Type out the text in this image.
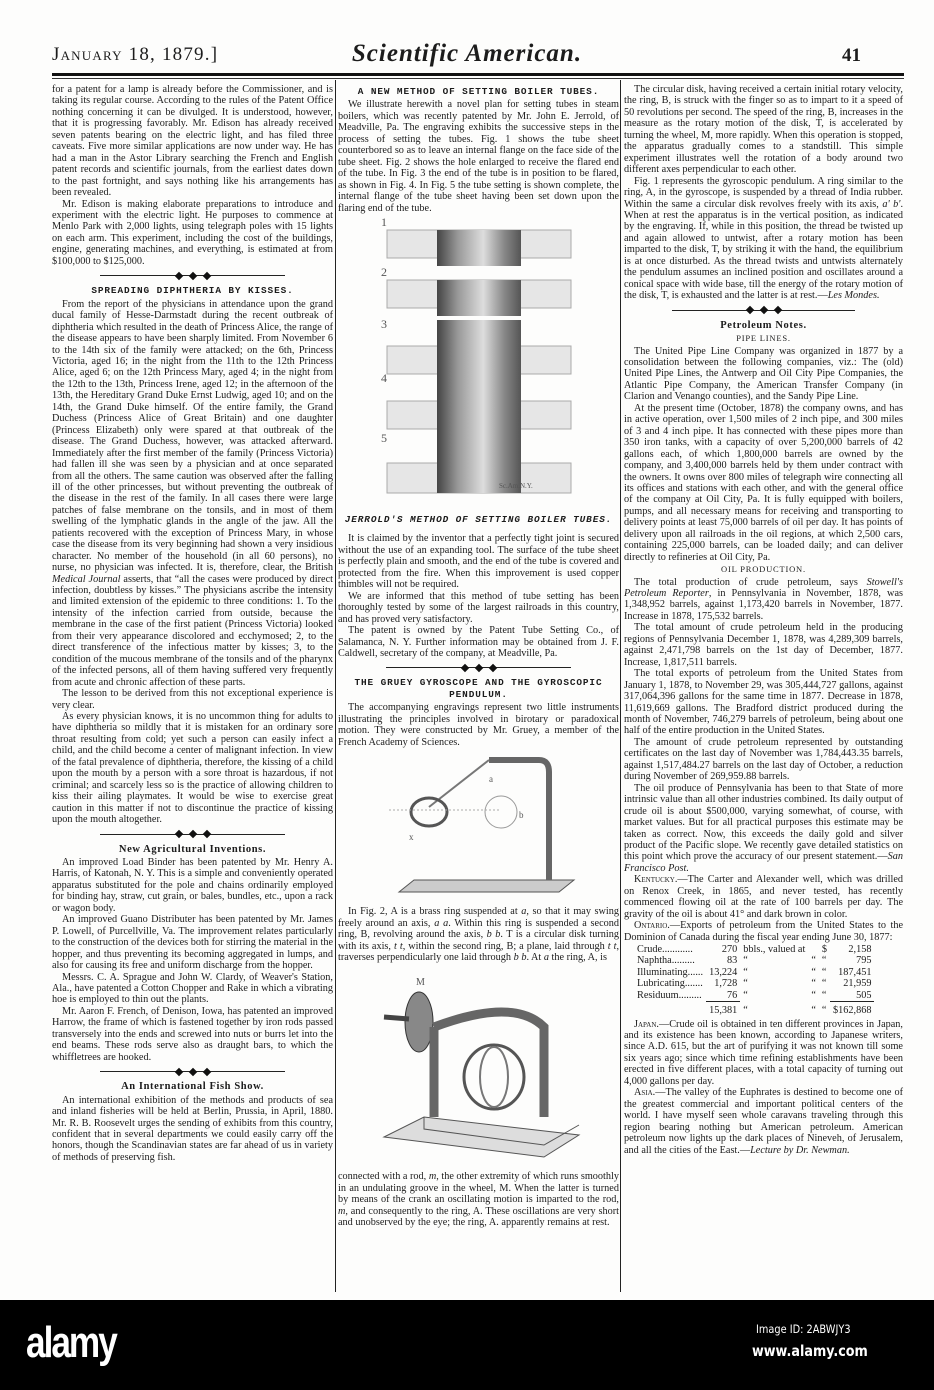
January 18, 1879.]	Scientific American.	41

for a patent for a lamp is already before the Commissioner, and is taking its regular course. According to the rules of the Patent Office nothing concerning it can be divulged. It is understood, however, that it is progressing favorably. Mr. Edison has already received seven patents bearing on the electric light, and has filed three caveats. Five more similar applications are now under way. He has had a man in the Astor Library searching the French and English patent records and scientific journals, from the earliest dates down to the past fortnight, and says nothing like his arrangements has been revealed.

Mr. Edison is making elaborate preparations to introduce and experiment with the electric light. He purposes to commence at Menlo Park with 2,000 lights, using telegraph poles with 15 lights on each arm. This experiment, including the cost of the buildings, engine, generating machines, and everything, is estimated at from $100,000 to $125,000.

SPREADING DIPHTHERIA BY KISSES.

From the report of the physicians in attendance upon the grand ducal family of Hesse-Darmstadt during the recent outbreak of diphtheria which resulted in the death of Princess Alice, the range of the disease appears to have been sharply limited. From November 6 to the 14th six of the family were attacked; on the 6th, Princess Victoria, aged 16; in the night from the 11th to the 12th Princess Alice, aged 6; on the 12th Princess Mary, aged 4; in the night from the 12th to the 13th, Princess Irene, aged 12; in the afternoon of the 13th, the Hereditary Grand Duke Ernst Ludwig, aged 10; and on the 14th, the Grand Duke himself. Of the entire family, the Grand Duchess (Princess Alice of Great Britain) and one daughter (Princess Elizabeth) only were spared at that outbreak of the disease. The Grand Duchess, however, was attacked afterward. Immediately after the first member of the family (Princess Victoria) had fallen ill she was seen by a physician and at once separated from all the others. The same caution was observed after the falling ill of the other princesses, but without preventing the outbreak of the disease in the rest of the family. In all cases there were large patches of false membrane on the tonsils, and in most of them swelling of the lymphatic glands in the angle of the jaw. All the patients recovered with the exception of Princess Mary, in whose case the disease from its very beginning had shown a very insidious character. No member of the household (in all 60 persons), no nurse, no physician was infected. It is, therefore, clear, the British Medical Journal asserts, that “all the cases were produced by direct infection, doubtless by kisses.” The physicians ascribe the intensity and limited extension of the epidemic to three conditions: 1. To the intensity of the infection carried from outside, because the membrane in the case of the first patient (Princess Victoria) looked from their very appearance discolored and ecchymosed; 2, to the direct transference of the infectious matter by kisses; 3, to the condition of the mucous membrane of the tonsils and of the pharynx of the infected persons, all of them having suffered very frequently from acute and chronic affection of these parts.

The lesson to be derived from this not exceptional experience is very clear.

As every physician knows, it is no uncommon thing for adults to have diphtheria so mildly that it is mistaken for an ordinary sore throat resulting from cold; yet such a person can easily infect a child, and the child become a center of malignant infection. In view of the fatal prevalence of diphtheria, therefore, the kissing of a child upon the mouth by a person with a sore throat is hazardous, if not criminal; and scarcely less so is the practice of allowing children to kiss their ailing playmates. It would be wise to exercise great caution in this matter if not to discontinue the practice of kissing upon the mouth altogether.

New Agricultural Inventions.

An improved Load Binder has been patented by Mr. Henry A. Harris, of Katonah, N. Y. This is a simple and conveniently operated apparatus substituted for the pole and chains ordinarily employed for binding hay, straw, cut grain, or bales, bundles, etc., upon a rack or wagon body.

An improved Guano Distributer has been patented by Mr. James P. Lowell, of Purcellville, Va. The improvement relates particularly to the construction of the devices both for stirring the material in the hopper, and thus preventing its becoming aggregated in lumps, and also for causing its free and uniform discharge from the hopper.

Messrs. C. A. Sprague and John W. Clardy, of Weaver's Station, Ala., have patented a Cotton Chopper and Rake in which a vibrating hoe is employed to thin out the plants.

Mr. Aaron F. French, of Denison, Iowa, has patented an improved Harrow, the frame of which is fastened together by iron rods passed transversely into the ends and screwed into nuts or burrs let into the end beams. These rods serve also as draught bars, to which the whiffletrees are hooked.

An International Fish Show.

An international exhibition of the methods and products of sea and inland fisheries will be held at Berlin, Prussia, in April, 1880. Mr. R. B. Roosevelt urges the sending of exhibits from this country, confident that in several departments we could easily carry off the honors, though the Scandinavian states are far ahead of us in variety of methods of preserving fish.

A NEW METHOD OF SETTING BOILER TUBES.

We illustrate herewith a novel plan for setting tubes in steam boilers, which was recently patented by Mr. John E. Jerrold, of Meadville, Pa. The engraving exhibits the successive steps in the process of setting the tubes. Fig. 1 shows the tube sheet counterbored so as to leave an internal flange on the face side of the tube sheet. Fig. 2 shows the hole enlarged to receive the flared end of the tube. In Fig. 3 the end of the tube is in position to be flared, as shown in Fig. 4. In Fig. 5 the tube setting is shown complete, the internal flange of the tube sheet having been set down upon the flaring end of the tube.

1
2
3
4
5
Sc.Am.N.Y.
JERROLD'S METHOD OF SETTING BOILER TUBES.

It is claimed by the inventor that a perfectly tight joint is secured without the use of an expanding tool. The surface of the tube sheet is perfectly plain and smooth, and the end of the tube is covered and protected from the fire. When this improvement is used copper thimbles will not be required.

We are informed that this method of tube setting has been thoroughly tested by some of the largest railroads in this country, and has proved very satisfactory.

The patent is owned by the Patent Tube Setting Co., of Salamanca, N. Y. Further information may be obtained from J. F. Caldwell, secretary of the company, at Meadville, Pa.

THE GRUEY GYROSCOPE AND THE GYROSCOPIC PENDULUM.

The accompanying engravings represent two little instruments illustrating the principles involved in birotary or paradoxical motion. They were constructed by Mr. Gruey, a member of the French Academy of Sciences.

a
b
x

In Fig. 2, A is a brass ring suspended at a, so that it may swing freely around an axis, a a. Within this ring is suspended a second ring, B, revolving around the axis, b b. T is a circular disk turning with its axis, t t, within the second ring, B; a plane, laid through t t, traverses perpendicularly one laid through b b. At a the ring, A, is

M

connected with a rod, m, the other extremity of which runs smoothly in an undulating groove in the wheel, M. When the latter is turned by means of the crank an oscillating motion is imparted to the rod, m, and consequently to the ring, A. These oscillations are very short and unobserved by the eye; the ring, A. apparently remains at rest.

The circular disk, having received a certain initial rotary velocity, the ring, B, is struck with the finger so as to impart to it a speed of 50 revolutions per second. The speed of the ring, B, increases in the measure as the rotary motion of the disk, T, is accelerated by turning the wheel, M, more rapidly. When this operation is stopped, the apparatus gradually comes to a standstill. This simple experiment illustrates well the rotation of a body around two different axes perpendicular to each other.

Fig. 1 represents the gyroscopic pendulum. A ring similar to the ring, A, in the gyroscope, is suspended by a thread of India rubber. Within the same a circular disk revolves freely with its axis, a' b'. When at rest the apparatus is in the vertical position, as indicated by the engraving. If, while in this position, the thread be twisted up and again allowed to untwist, after a rotary motion has been imparted to the disk, T, by striking it with the hand, the equilibrium is at once disturbed. As the thread twists and untwists alternately the pendulum assumes an inclined position and oscillates around a conical space with wide base, till the energy of the rotary motion of the disk, T, is exhausted and the latter is at rest.—Les Mondes.

Petroleum Notes.
PIPE LINES.

The United Pipe Line Company was organized in 1877 by a consolidation between the following companies, viz.: The (old) United Pipe Lines, the Antwerp and Oil City Pipe Companies, the Atlantic Pipe Company, the American Transfer Company (in Clarion and Venango counties), and the Sandy Pipe Line.

At the present time (October, 1878) the company owns, and has in active operation, over 1,500 miles of 2 inch pipe, and 300 miles of 3 and 4 inch pipe. It has connected with these pipes more than 350 iron tanks, with a capacity of over 5,200,000 barrels of 42 gallons each, of which 1,800,000 barrels are owned by the company, and 3,400,000 barrels held by them under contract with the owners. It owns over 800 miles of telegraph wire connecting all its offices and stations with each other, and with the general office of the company at Oil City, Pa. It is fully equipped with boilers, pumps, and all necessary means for receiving and transporting to delivery points at least 75,000 barrels of oil per day. It has points of delivery upon all railroads in the oil regions, at which 2,500 cars, containing 225,000 barrels, can be loaded daily; and can deliver directly to refineries at Oil City, Pa.

OIL PRODUCTION.

The total production of crude petroleum, says Stowell's Petroleum Reporter, in Pennsylvania in November, 1878, was 1,348,952 barrels, against 1,173,420 barrels in November, 1877. Increase in 1878, 175,532 barrels.

The total amount of crude petroleum held in the producing regions of Pennsylvania December 1, 1878, was 4,289,309 barrels, against 2,471,798 barrels on the 1st day of December, 1877. Increase, 1,817,511 barrels.

The total exports of petroleum from the United States from January 1, 1878, to November 29, was 305,444,727 gallons, against 317,064,396 gallons for the same time in 1877. Decrease in 1878, 11,619,669 gallons. The Bradford district produced during the month of November, 746,279 barrels of petroleum, being about one half of the entire production in the United States.

The amount of crude petroleum represented by outstanding certificates on the last day of November was 1,784,443.35 barrels, against 1,517,484.27 barrels on the last day of October, a reduction during November of 269,959.88 barrels.

The oil produce of Pennsylvania has been to that State of more intrinsic value than all other industries combined. Its daily output of crude oil is about $500,000, varying somewhat, of course, with market values. But for all practical purposes this estimate may be taken as correct. Now, this exceeds the daily gold and silver product of the Pacific slope. We recently gave detailed statistics on this point which prove the accuracy of our present statement.—San Francisco Post.

Kentucky.—The Carter and Alexander well, which was drilled on Renox Creek, in 1865, and never tested, has recently commenced flowing oil at the rate of 100 barrels per day. The gravity of the oil is about 41° and dark brown in color.

Ontario.—Exports of petroleum from the United States to the Dominion of Canada during the fiscal year ending June 30, 1877:

Crude............	270	bbls., valued at		$	2,158
Naphtha.........	83	“	“	“	795
Illuminating......	13,224	“	“	“	187,451
Lubricating.......	1,728	“	“	“	21,959
Residuum.........	76	“	“	“	505
	15,381	“	“	“	$162,868

Japan.—Crude oil is obtained in ten different provinces in Japan, and its existence has been known, according to Japanese writers, since A.D. 615, but the art of purifying it was not known till some six years ago; since which time refining establishments have been erected in five different places, with a total capacity of turning out 4,000 gallons per day.

Asia.—The valley of the Euphrates is destined to become one of the greatest commercial and important political centers of the world. I have myself seen whole caravans traveling through this region bearing nothing but American petroleum. American petroleum now lights up the dark places of Nineveh, of Jerusalem, and all the cities of the East.—Lecture by Dr. Newman.

alamy	Image ID: 2ABWJY3
www.alamy.com
